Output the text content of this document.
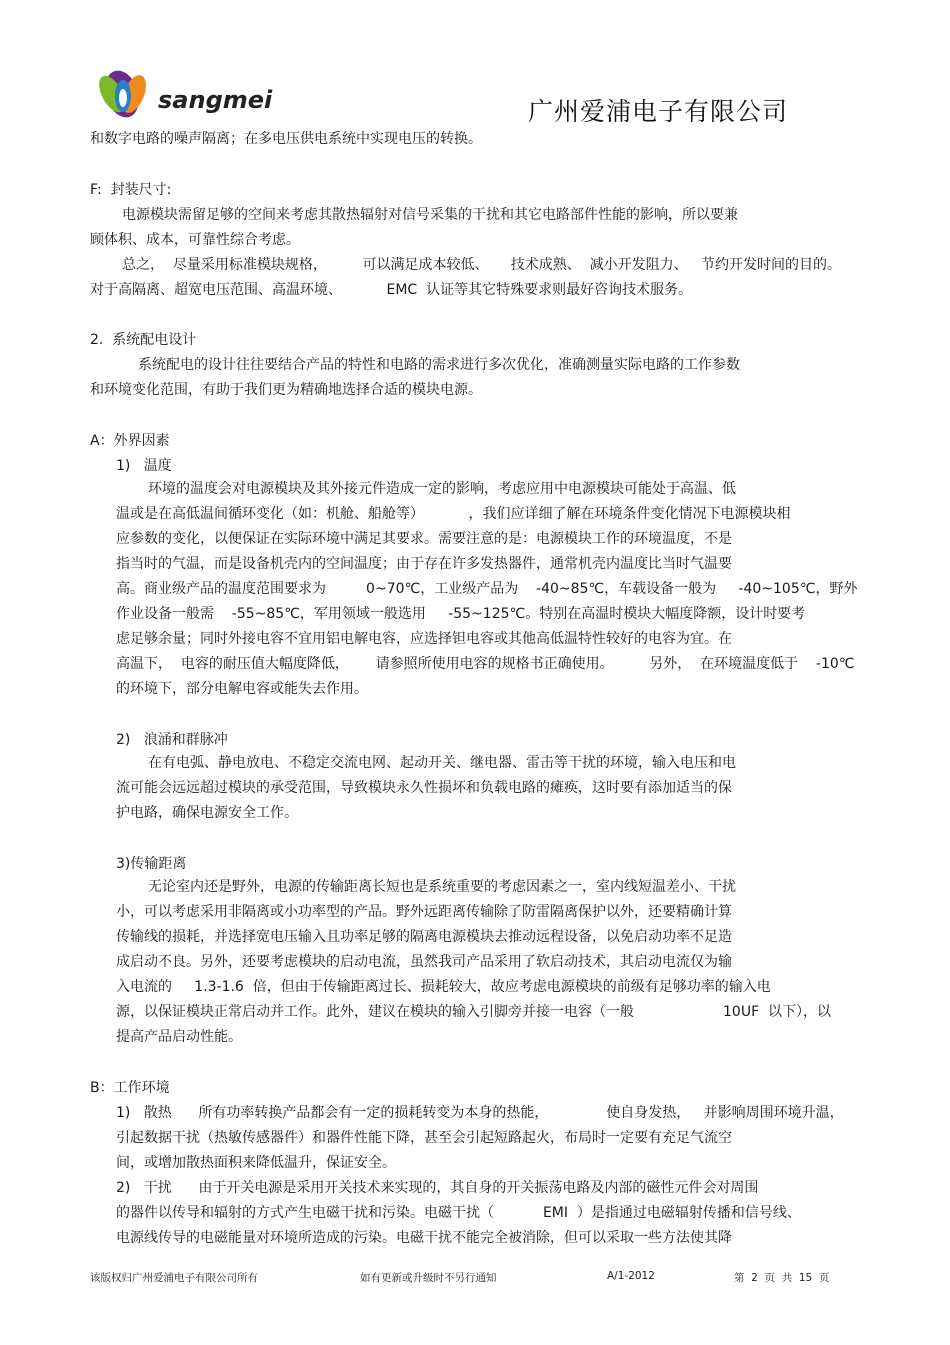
sangmei	广州爱浦电子有限公司
和数字电路的噪声隔离；在多电压供电系统中实现电压的转换。
F:  封装尺寸:
电源模块需留足够的空间来考虑其散热辐射对信号采集的干扰和其它电路部件性能的影响，所以要兼
顾体积、成本，可靠性综合考虑。
总之，  尽量采用标准模块规格，        可以满足成本较低、     技术成熟、  减小开发阻力、   节约开发时间的目的。
对于高隔离、超宽电压范围、高温环境、          EMC  认证等其它特殊要求则最好咨询技术服务。
2.  系统配电设计
系统配电的设计往往要结合产品的特性和电路的需求进行多次优化，准确测量实际电路的工作参数
和环境变化范围，有助于我们更为精确地选择合适的模块电源。
A：外界因素
1)   温度
环境的温度会对电源模块及其外接元件造成一定的影响，考虑应用中电源模块可能处于高温、低
温或是在高低温间循环变化（如：机舱、船舱等）          ，我们应详细了解在环境条件变化情况下电源模块相
应参数的变化，以便保证在实际环境中满足其要求。需要注意的是：电源模块工作的环境温度，不是
指当时的气温，而是设备机壳内的空间温度；由于存在许多发热器件，通常机壳内温度比当时气温要
高。商业级产品的温度范围要求为         0~70℃，工业级产品为    -40~85℃，车载设备一般为     -40~105℃，野外
作业设备一般需    -55~85℃，军用领域一般选用     -55~125℃。特别在高温时模块大幅度降额，设计时要考
虑足够余量；同时外接电容不宜用铝电解电容，应选择钽电容或其他高低温特性较好的电容为宜。在
高温下，  电容的耐压值大幅度降低，      请参照所使用电容的规格书正确使用。        另外，  在环境温度低于    -10℃
的环境下，部分电解电容或能失去作用。
2)   浪涌和群脉冲
在有电弧、静电放电、不稳定交流电网、起动开关、继电器、雷击等干扰的环境，输入电压和电
流可能会远远超过模块的承受范围，导致模块永久性损坏和负载电路的瘫痪，这时要有添加适当的保
护电路，确保电源安全工作。
3)传输距离
无论室内还是野外，电源的传输距离长短也是系统重要的考虑因素之一，室内线短温差小、干扰
小，可以考虑采用非隔离或小功率型的产品。野外远距离传输除了防雷隔离保护以外，还要精确计算
传输线的损耗，并选择宽电压输入且功率足够的隔离电源模块去推动远程设备，以免启动功率不足造
成启动不良。另外，还要考虑模块的启动电流，虽然我司产品采用了软启动技术，其启动电流仅为输
入电流的     1.3-1.6  倍，但由于传输距离过长、损耗较大，故应考虑电源模块的前级有足够功率的输入电
源，以保证模块正常启动并工作。此外，建议在模块的输入引脚旁并接一电容（一般                    10UF  以下），以
提高产品启动性能。
B：工作环境
1)   散热      所有功率转换产品都会有一定的损耗转变为本身的热能，             使自身发热，   并影响周围环境升温，
引起数据干扰（热敏传感器件）和器件性能下降，甚至会引起短路起火，布局时一定要有充足气流空
间，或增加散热面积来降低温升，保证安全。
2)   干扰      由于开关电源是采用开关技术来实现的，其自身的开关振荡电路及内部的磁性元件会对周围
的器件以传导和辐射的方式产生电磁干扰和污染。电磁干扰（           EMI  ）是指通过电磁辐射传播和信号线、
电源线传导的电磁能量对环境所造成的污染。电磁干扰不能完全被消除，但可以采取一些方法使其降
该版权归广州爱浦电子有限公司所有	如有更新或升级时不另行通知	A/1-2012	第  2  页  共  15  页
